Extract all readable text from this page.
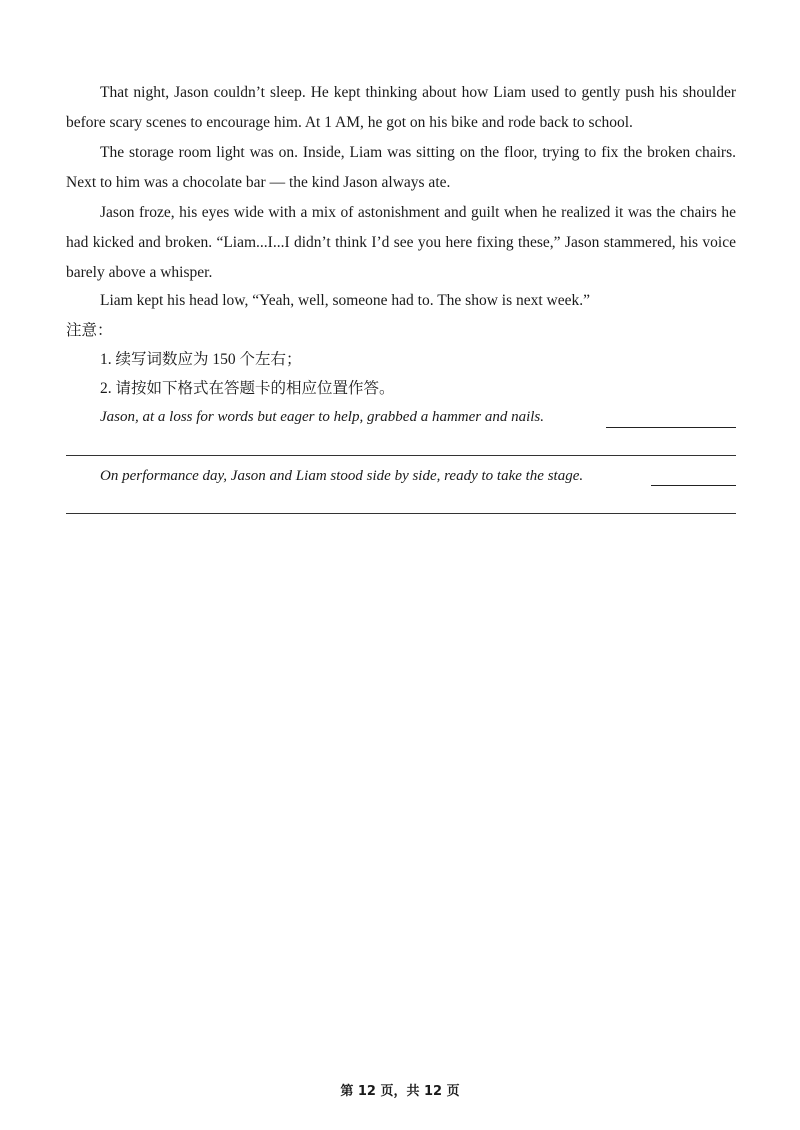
That night, Jason couldn’t sleep. He kept thinking about how Liam used to gently push his shoulder before scary scenes to encourage him. At 1 AM, he got on his bike and rode back to school.

The storage room light was on. Inside, Liam was sitting on the floor, trying to fix the broken chairs. Next to him was a chocolate bar — the kind Jason always ate.

Jason froze, his eyes wide with a mix of astonishment and guilt when he realized it was the chairs he had kicked and broken. “Liam...I...I didn’t think I’d see you here fixing these,” Jason stammered, his voice barely above a whisper.

Liam kept his head low, “Yeah, well, someone had to. The show is next week.”

注意：

1. 续写词数应为 150 个左右；

2. 请按如下格式在答题卡的相应位置作答。

Jason, at a loss for words but eager to help, grabbed a hammer and nails.

On performance day, Jason and Liam stood side by side, ready to take the stage.

第 12 页，共 12 页
